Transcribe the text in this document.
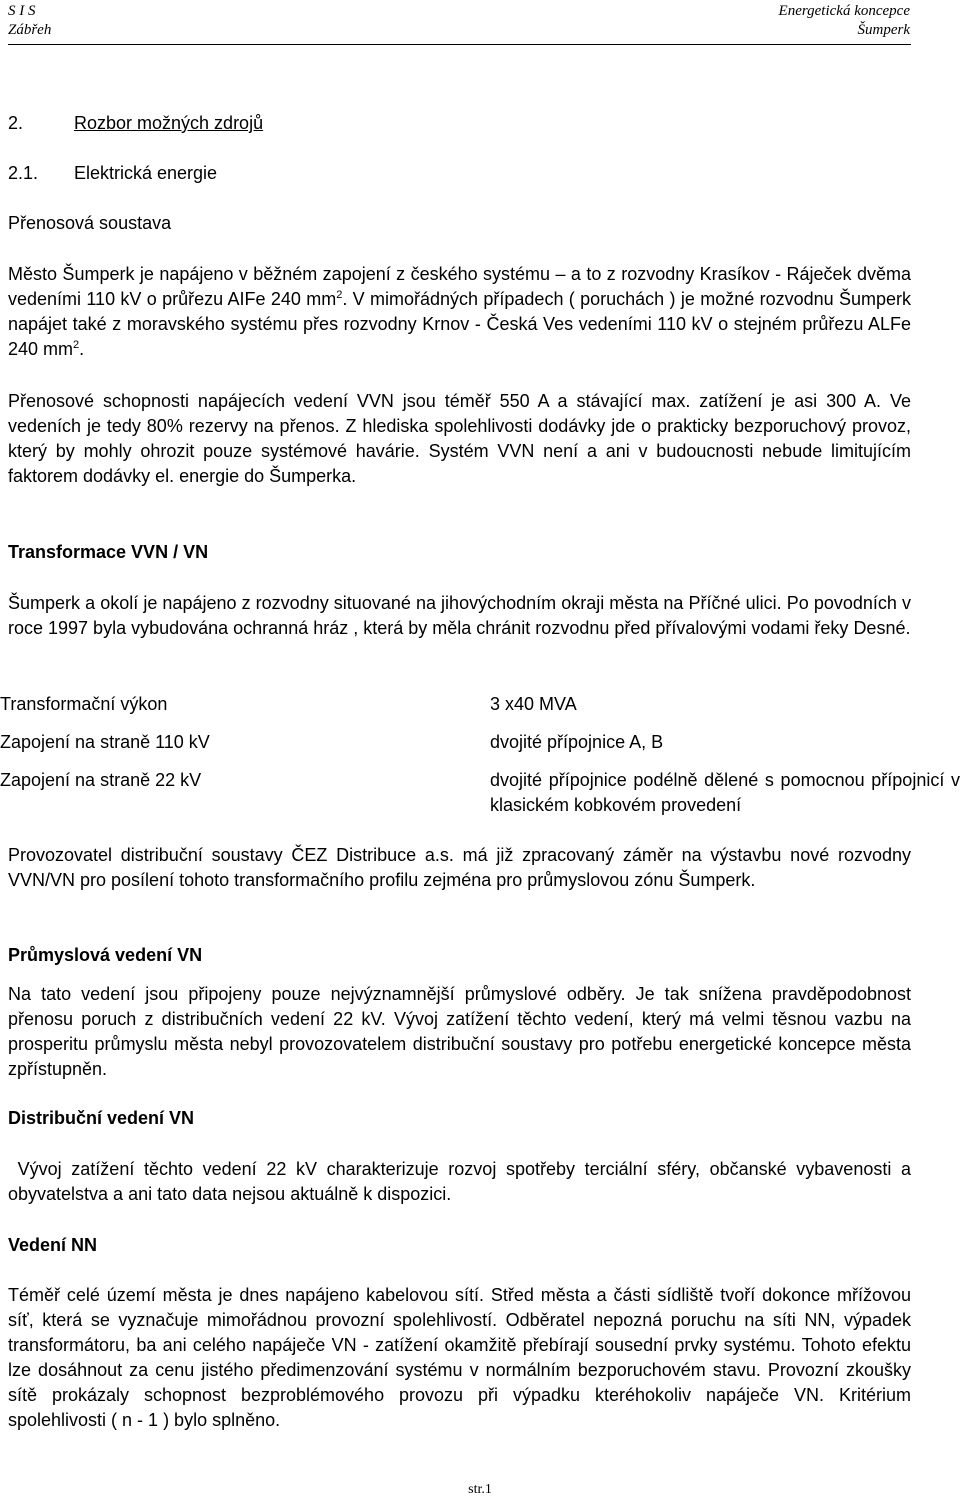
S I S
Zábřeh
Energetická koncepce
Šumperk
2.	Rozbor možných zdrojů
2.1. Elektrická energie
Přenosová soustava
Město Šumperk je napájeno v běžném zapojení z českého systému – a to z rozvodny Krasíkov - Ráječek dvěma vedeními 110 kV o průřezu AIFe 240 $mm^2$. V mimořádných případech ( poruchách ) je možné rozvodnu Šumperk napájet také z moravského systému přes rozvodny Krnov - Česká Ves vedeními 110 kV o stejném průřezu ALFe 240 $mm^2$.
Přenosové schopnosti napájecích vedení VVN jsou téměř 550 A a stávající max. zatížení je asi 300 A. Ve vedeních je tedy 80% rezervy na přenos. Z hlediska spolehlivosti dodávky jde o prakticky bezporuchový provoz, který by mohly ohrozit pouze systémové havárie. Systém VVN není a ani v budoucnosti nebude limitujícím faktorem dodávky el. energie do Šumperka.
Transformace VVN / VN
Šumperk a okolí je napájeno z rozvodny situované na jihovýchodním okraji města na Příčné ulici. Po povodních v roce 1997 byla vybudována ochranná hráz , která by měla chránit rozvodnu před přívalovými vodami řeky Desné.
Transformační výkon	3 x40 MVA
Zapojení na straně 110 kV	dvojité přípojnice A, B
Zapojení na straně 22 kV	dvojité přípojnice podélně dělené s pomocnou přípojnicí v klasickém kobkovém provedení
Provozovatel distribuční soustavy ČEZ Distribuce a.s. má již zpracovaný záměr na výstavbu nové rozvodny VVN/VN pro posílení tohoto transformačního profilu zejména pro průmyslovou zónu Šumperk.
Průmyslová vedení VN
Na tato vedení jsou připojeny pouze nejvýznamnější průmyslové odběry. Je tak snížena pravděpodobnost přenosu poruch z distribučních vedení 22 kV. Vývoj zatížení těchto vedení, který má velmi těsnou vazbu na prosperitu průmyslu města nebyl provozovatelem distribuční soustavy pro potřebu energetické koncepce města zpřístupněn.
Distribuční vedení VN
Vývoj zatížení těchto vedení 22 kV charakterizuje rozvoj spotřeby terciální sféry, občanské vybavenosti a obyvatelstva a ani tato data nejsou aktuálně k dispozici.
Vedení NN
Téměř celé území města je dnes napájeno kabelovou sítí. Střed města a části sídliště tvoří dokonce mřížovou síť, která se vyznačuje mimořádnou provozní spolehlivostí. Odběratel nepozná poruchu na síti NN, výpadek transformátoru, ba ani celého napáječe VN - zatížení okamžitě přebírají sousední prvky systému. Tohoto efektu lze dosáhnout za cenu jistého předimenzování systému v normálním bezporuchovém stavu. Provozní zkoušky sítě prokázaly schopnost bezproblémového provozu při výpadku kteréhokoliv napáječe VN. Kritérium spolehlivosti ( n - 1 ) bylo splněno.
str.1
